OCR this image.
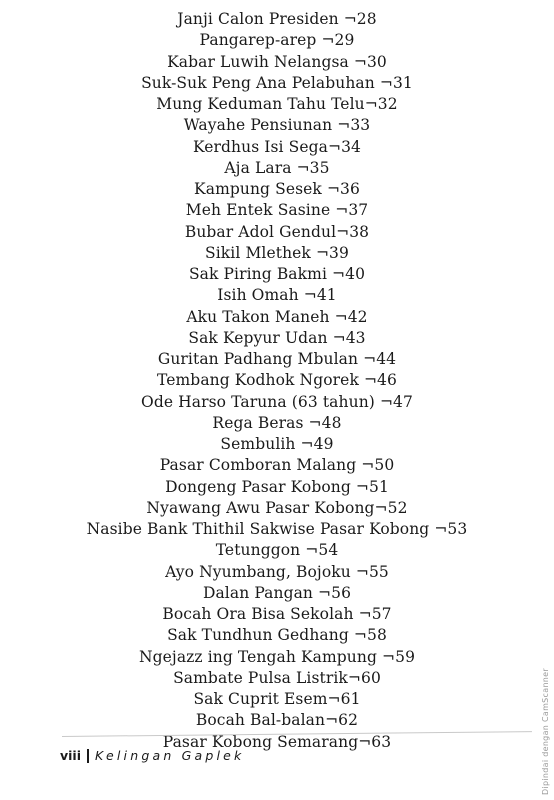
Janji Calon Presiden ¬28
Pangarep-arep ¬29
Kabar Luwih Nelangsa ¬30
Suk-Suk Peng Ana Pelabuhan ¬31
Mung Keduman Tahu Telu¬32
Wayahe Pensiunan ¬33
Kerdhus Isi Sega¬34
Aja Lara ¬35
Kampung Sesek ¬36
Meh Entek Sasine ¬37
Bubar Adol Gendul¬38
Sikil Mlethek ¬39
Sak Piring Bakmi ¬40
Isih Omah ¬41
Aku Takon Maneh ¬42
Sak Kepyur Udan ¬43
Guritan Padhang Mbulan ¬44
Tembang Kodhok Ngorek ¬46
Ode Harso Taruna (63 tahun) ¬47
Rega Beras ¬48
Sembulih ¬49
Pasar Comboran Malang ¬50
Dongeng Pasar Kobong ¬51
Nyawang Awu Pasar Kobong¬52
Nasibe Bank Thithil Sakwise Pasar Kobong ¬53
Tetunggon ¬54
Ayo Nyumbang, Bojoku ¬55
Dalan Pangan ¬56
Bocah Ora Bisa Sekolah ¬57
Sak Tundhun Gedhang ¬58
Ngejazz ing Tengah Kampung ¬59
Sambate Pulsa Listrik¬60
Sak Cuprit Esem¬61
Bocah Bal-balan¬62
Pasar Kobong Semarang¬63
viii Kelingan Gaplek	Dipindai dengan CamScanner
